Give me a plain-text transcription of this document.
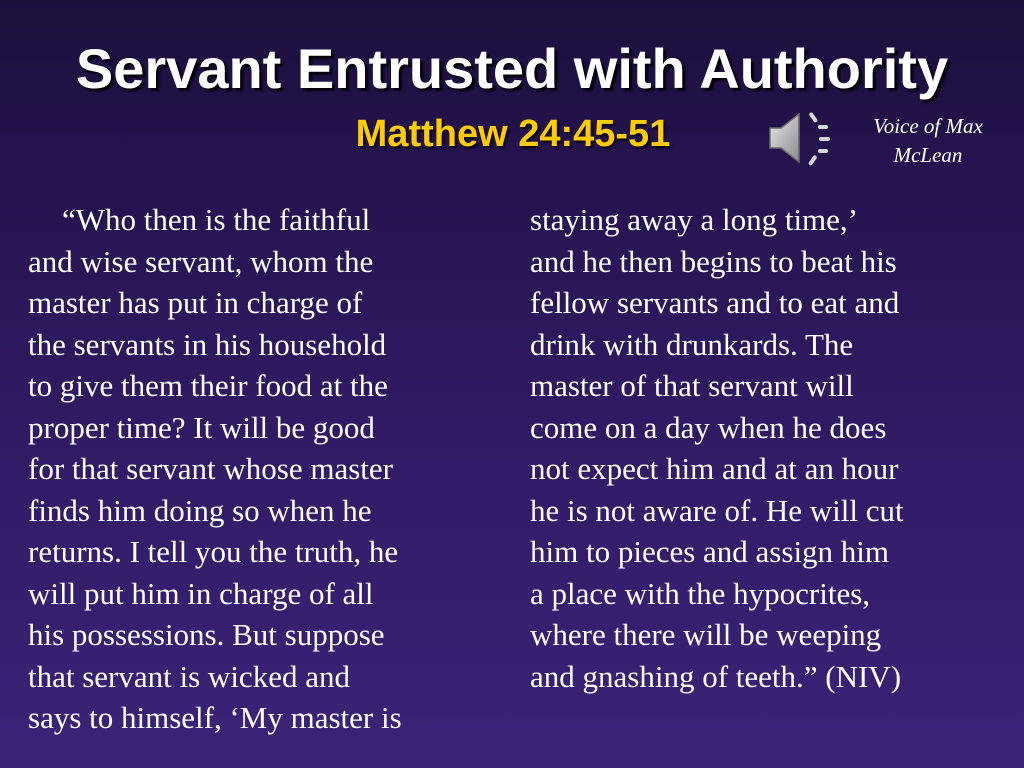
Servant Entrusted with Authority
Matthew 24:45-51	Voice of Max
McLean
“Who then is the faithful
and wise servant, whom the
master has put in charge of
the servants in his household
to give them their food at the
proper time? It will be good
for that servant whose master
finds him doing so when he
returns. I tell you the truth, he
will put him in charge of all
his possessions. But suppose
that servant is wicked and
says to himself, ‘My master is
staying away a long time,’
and he then begins to beat his
fellow servants and to eat and
drink with drunkards. The
master of that servant will
come on a day when he does
not expect him and at an hour
he is not aware of. He will cut
him to pieces and assign him
a place with the hypocrites,
where there will be weeping
and gnashing of teeth.” (NIV)
